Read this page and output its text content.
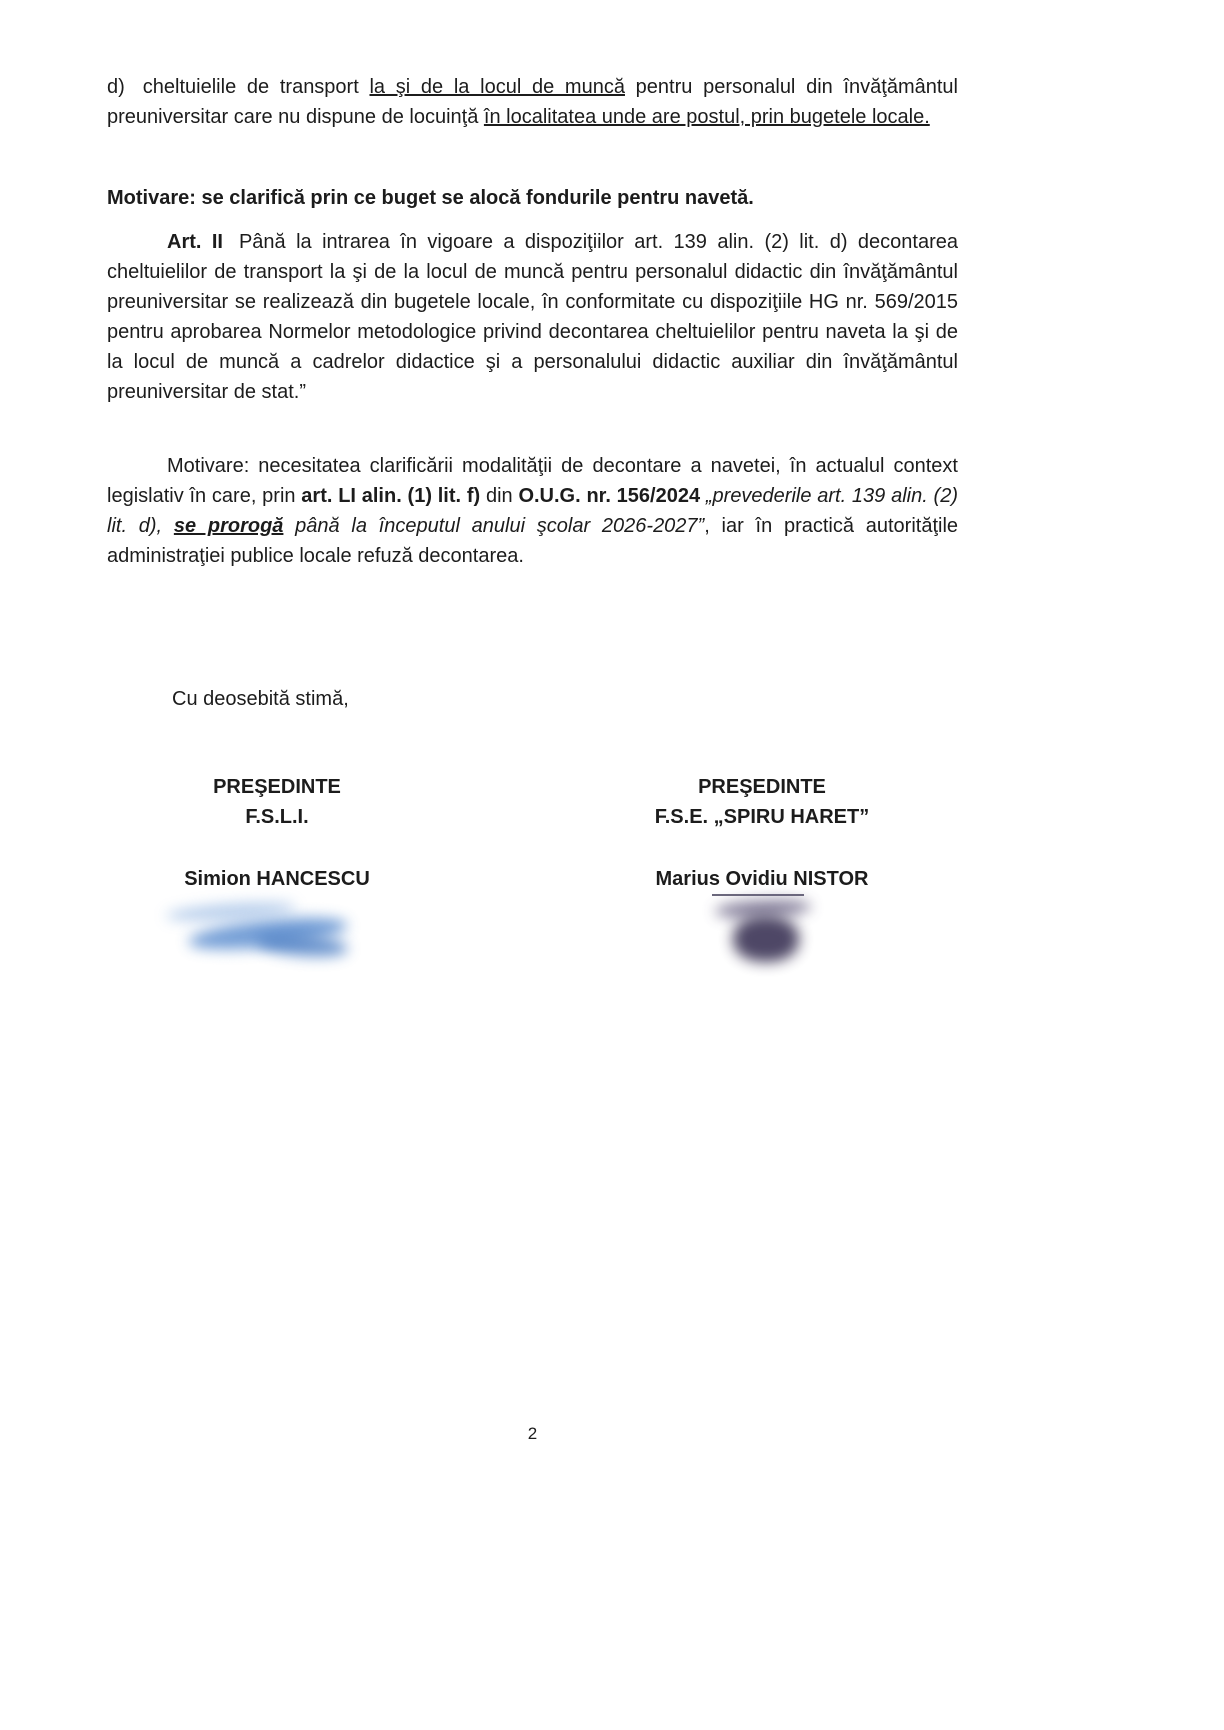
d) cheltuielile de transport la şi de la locul de muncă pentru personalul din învăţământul preuniversitar care nu dispune de locuinţă în localitatea unde are postul, prin bugetele locale.

Motivare: se clarifică prin ce buget se alocă fondurile pentru navetă.

Art. II Până la intrarea în vigoare a dispoziţiilor art. 139 alin. (2) lit. d) decontarea cheltuielilor de transport la şi de la locul de muncă pentru personalul didactic din învăţământul preuniversitar se realizează din bugetele locale, în conformitate cu dispoziţiile HG nr. 569/2015 pentru aprobarea Normelor metodologice privind decontarea cheltuielilor pentru naveta la şi de la locul de muncă a cadrelor didactice şi a personalului didactic auxiliar din învăţământul preuniversitar de stat.”

Motivare: necesitatea clarificării modalităţii de decontare a navetei, în actualul context legislativ în care, prin art. LI alin. (1) lit. f) din O.U.G. nr. 156/2024 „prevederile art. 139 alin. (2) lit. d), se prorogă până la începutul anului şcolar 2026-2027”, iar în practică autorităţile administraţiei publice locale refuză decontarea.

Cu deosebită stimă,
PREŞEDINTE
F.S.L.I.
Simion HANCESCU
PREŞEDINTE
F.S.E. „SPIRU HARET”
Marius Ovidiu NISTOR
2
